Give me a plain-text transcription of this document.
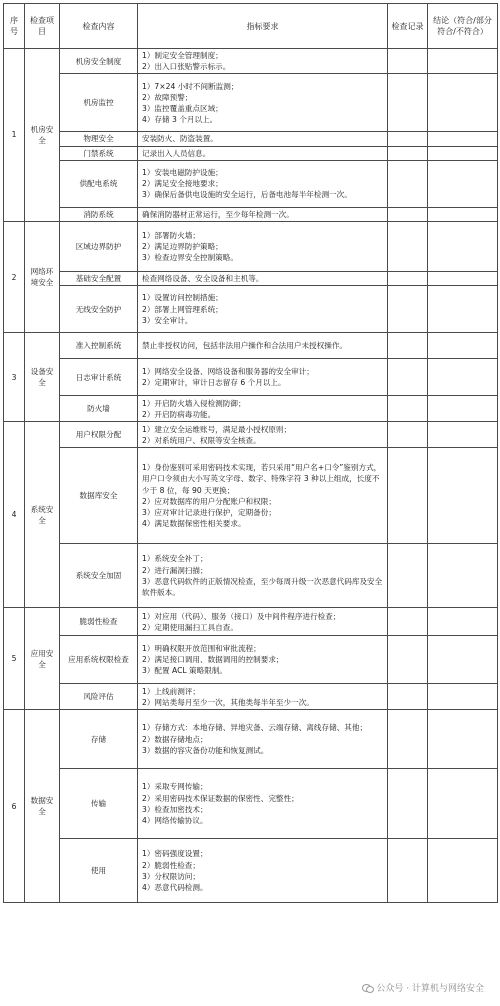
序号	检查项目	检查内容	指标要求	检查记录	结论（符合/部分符合/不符合）
1	机房安全	机房安全制度	1）制定安全管理制度；
2）出入口张贴警示标示。		

		机房监控	1）7×24 小时不间断监测；
2）故障预警；
3）监控覆盖重点区域；
4）存储 3 个月以上。		

		物理安全	安装防火、防盗装置。		

		门禁系统	记录出入人员信息。		

		供配电系统	1）安装电磁防护设施；
2）满足安全接地要求；
3）确保后备供电设施的安全运行，后备电池每半年检测一次。		

		消防系统	确保消防器材正常运行，至少每年检测一次。		

2	网络环境安全	区域边界防护	1）部署防火墙；
2）满足边界防护策略；
3）检查边界安全控制策略。		

		基础安全配置	检查网络设备、安全设备和主机等。		

		无线安全防护	1）设置访问控制措施；
2）部署上网管理系统；
3）安全审计。		

3	设备安全	准入控制系统	禁止非授权访问，包括非法用户操作和合法用户未授权操作。		

		日志审计系统	1）网络安全设备、网络设备和服务器的安全审计；
2）定期审计，审计日志留存 6 个月以上。		

		防火墙	1）开启防火墙入侵检测防御；
2）开启防病毒功能。		

4	系统安全	用户权限分配	1）建立安全运维账号，满足最小授权原则；
2）对系统用户、权限等安全核查。		

		数据库安全	1）身份鉴别可采用密码技术实现，若只采用“用户名+口令”鉴别方式，用户口令须由大小写英文字母、数字、特殊字符 3 种以上组成，长度不少于 8 位，每 90 天更换；
2）应对数据库的用户分配账户和权限；
3）应对审计记录进行保护，定期备份；
4）满足数据保密性相关要求。		

		系统安全加固	1）系统安全补丁；
2）进行漏洞扫描；
3）恶意代码软件的正版情况检查，至少每周升级一次恶意代码库及安全软件版本。		

5	应用安全	脆弱性检查	1）对应用（代码）、服务（接口）及中间件程序进行检查；
2）定期使用漏扫工具自查。		

		应用系统权限检查	1）明确权限开放范围和审批流程；
2）满足接口调用、数据调用的控制要求；
3）配置 ACL 策略限制。		

		风险评估	1）上线前测评；
2）网站类每月至少一次，其他类每半年至少一次。		

6	数据安全	存储	1）存储方式：本地存储、异地灾备、云端存储、离线存储、其他；
2）数据存储地点；
3）数据的容灾备份功能和恢复测试。		

		传输	1）采取专网传输；
2）采用密码技术保证数据的保密性、完整性；
3）检查加密技术；
4）网络传输协议。		

		使用	1）密码强度设置；
2）脆弱性检查；
3）分权限访问；
4）恶意代码检测。		

公众号 · 计算机与网络安全
